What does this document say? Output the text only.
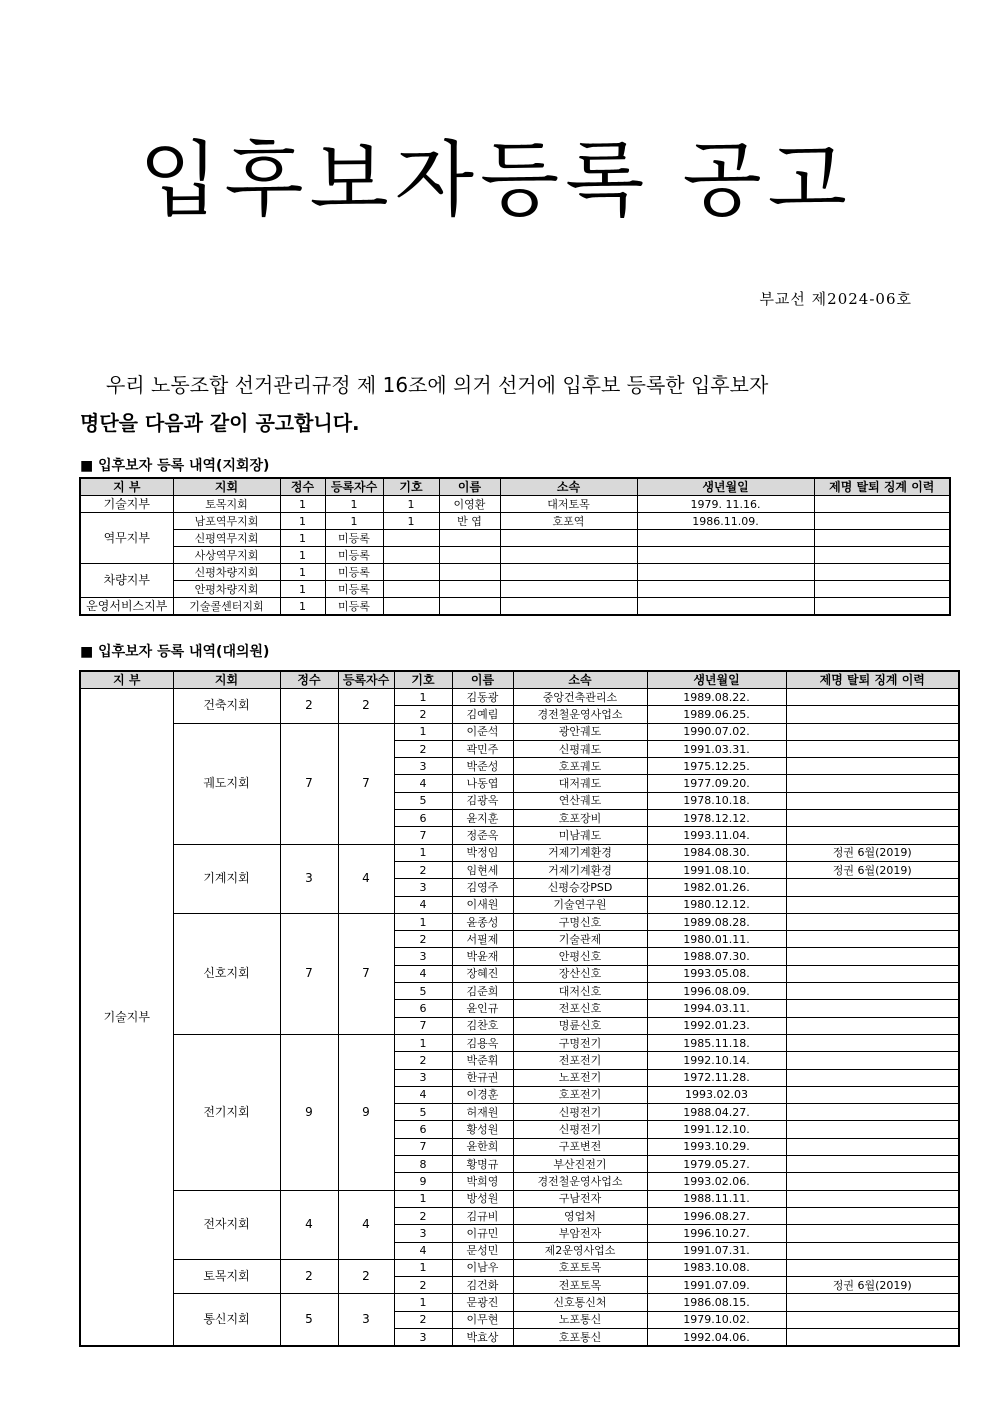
입후보자등록 공고
부교선 제2024-06호
우리 노동조합 선거관리규정 제 16조에 의거 선거에 입후보 등록한 입후보자
명단을 다음과 같이 공고합니다.
■ 입후보자 등록 내역(지회장)
지 부	지회	정수	등록자수	기호	이름	소속	생년월일	제명 탈퇴 징계 이력
기술지부	토목지회	1	1	1	이영환	대저토목	1979. 11.16.	
역무지부	남포역무지회	1	1	1	반 엽	호포역	1986.11.09.	
	신평역무지회	1	미등록					
	사상역무지회	1	미등록					
차량지부	신평차량지회	1	미등록					
	안평차량지회	1	미등록					
운영서비스지부	기술콜센터지회	1	미등록					
■ 입후보자 등록 내역(대의원)
지 부	지회	정수	등록자수	기호	이름	소속	생년월일	제명 탈퇴 징계 이력
기술지부	건축지회	2	2	1	김동광	중앙건축관리소	1989.08.22.	
				2	김예림	경전철운영사업소	1989.06.25.	
	궤도지회	7	7	1	이준석	광안궤도	1990.07.02.	
				2	곽민주	신평궤도	1991.03.31.	
				3	박준성	호포궤도	1975.12.25.	
				4	나동엽	대저궤도	1977.09.20.	
				5	김광옥	연산궤도	1978.10.18.	
				6	윤지훈	호포장비	1978.12.12.	
				7	정준옥	미남궤도	1993.11.04.	
	기계지회	3	4	1	박정임	거제기계환경	1984.08.30.	정권 6월(2019)
				2	임현세	거제기계환경	1991.08.10.	정권 6월(2019)
				3	김영주	신평승강PSD	1982.01.26.	
				4	이새원	기술연구원	1980.12.12.	
	신호지회	7	7	1	윤종성	구명신호	1989.08.28.	
				2	서필제	기술관제	1980.01.11.	
				3	박윤재	안평신호	1988.07.30.	
				4	장혜진	장산신호	1993.05.08.	
				5	김준희	대저신호	1996.08.09.	
				6	윤인규	전포신호	1994.03.11.	
				7	김찬호	명륜신호	1992.01.23.	
	전기지회	9	9	1	김용옥	구명전기	1985.11.18.	
				2	박준휘	전포전기	1992.10.14.	
				3	한규권	노포전기	1972.11.28.	
				4	이경훈	호포전기	1993.02.03	
				5	허재원	신평전기	1988.04.27.	
				6	황성원	신평전기	1991.12.10.	
				7	윤한희	구포변전	1993.10.29.	
				8	황명규	부산진전기	1979.05.27.	
				9	박희영	경전철운영사업소	1993.02.06.	
	전자지회	4	4	1	방성원	구남전자	1988.11.11.	
				2	김규비	영업처	1996.08.27.	
				3	이규민	부암전자	1996.10.27.	
				4	문성민	제2운영사업소	1991.07.31.	
	토목지회	2	2	1	이남우	호포토목	1983.10.08.	
				2	김건화	전포토목	1991.07.09.	정권 6월(2019)
	통신지회	5	3	1	문광진	신호통신처	1986.08.15.	
				2	이무현	노포통신	1979.10.02.	
				3	박효상	호포통신	1992.04.06.	
